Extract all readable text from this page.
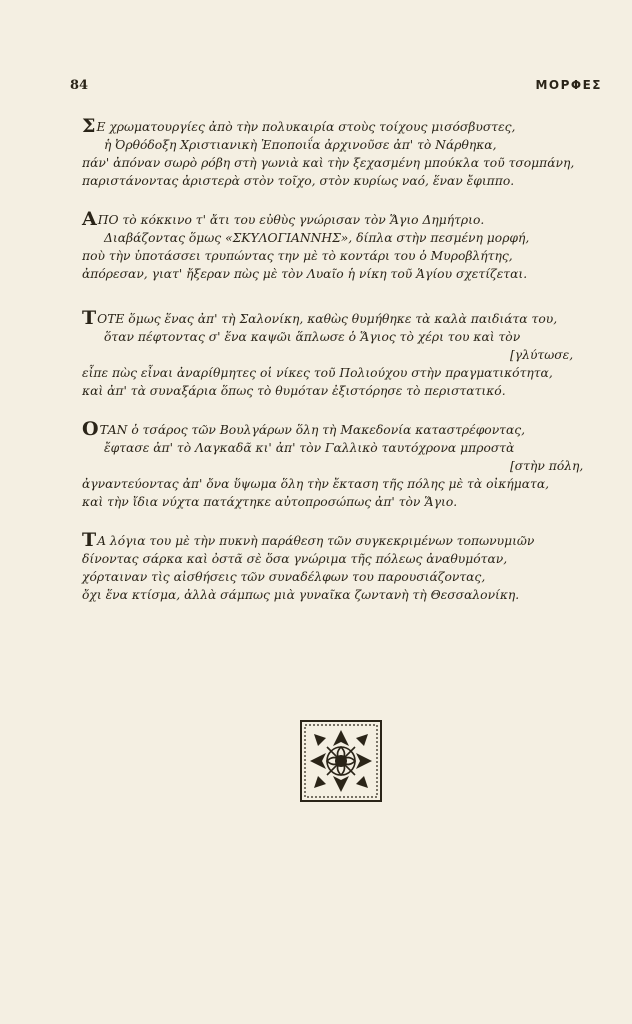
84	ΜΟΡΦΕΣ
ΣΕ χρωματουργίες ἀπὸ τὴν πολυκαιρία στοὺς τοίχους μισόσβυστες,
ἡ Ὀρθόδοξη Χριστιανικὴ Ἐποποιΐα ἀρχινοῦσε ἀπ' τὸ Νάρθηκα,
πάν' ἀπόναν σωρὸ ρόβη στὴ γωνιὰ καὶ τὴν ξεχασμένη μπούκλα τοῦ τσομπάνη,
παριστάνοντας ἀριστερὰ στὸν τοῖχο, στὸν κυρίως ναό, ἕναν ἔφιππο.
ΑΠΟ τὸ κόκκινο τ' ἄτι του εὐθὺς γνώρισαν τὸν Ἅγιο Δημήτριο.
Διαβάζοντας ὅμως «ΣΚΥΛΟΓΙΑΝΝΗΣ», δίπλα στὴν πεσμένη μορφή,
ποὺ τὴν ὑποτάσσει τρυπώντας την μὲ τὸ κοντάρι του ὁ Μυροβλήτης,
ἀπόρεσαν, γιατ' ἤξεραν πὼς μὲ τὸν Λυαῖο ἡ νίκη τοῦ Ἁγίου σχετίζεται.
ΤΟΤΕ ὅμως ἕνας ἀπ' τὴ Σαλονίκη, καθὼς θυμήθηκε τὰ καλὰ παιδιάτα του,
ὅταν πέφτοντας σ' ἕνα καψῶι ἅπλωσε ὁ Ἅγιος τὸ χέρι του καὶ τὸν
[γλύτωσε,
εἶπε πὼς εἶναι ἀναρίθμητες οἱ νίκες τοῦ Πολιούχου στὴν πραγματικότητα,
καὶ ἀπ' τὰ συναξάρια ὅπως τὸ θυμόταν ἐξιστόρησε τὸ περιστατικό.
ΟΤΑΝ ὁ τσάρος τῶν Βουλγάρων ὅλη τὴ Μακεδονία καταστρέφοντας,
ἔφτασε ἀπ' τὸ Λαγκαδᾶ κι' ἀπ' τὸν Γαλλικὸ ταυτόχρονα μπροστὰ
[στὴν πόλη,
ἀγναντεύοντας ἀπ' ὄνα ὕψωμα ὅλη τὴν ἔκταση τῆς πόλης μὲ τὰ οἰκήματα,
καὶ τὴν ἴδια νύχτα πατάχτηκε αὐτοπροσώπως ἀπ' τὸν Ἅγιο.
ΤΑ λόγια του μὲ τὴν πυκνὴ παράθεση τῶν συγκεκριμένων τοπωνυμιῶν
δίνοντας σάρκα καὶ ὀστᾶ σὲ ὅσα γνώριμα τῆς πόλεως ἀναθυμόταν,
χόρταιναν τὶς αἰσθήσεις τῶν συναδέλφων του παρουσιάζοντας,
ὄχι ἕνα κτίσμα, ἀλλὰ σάμπως μιὰ γυναῖκα ζωντανὴ τὴ Θεσσαλονίκη.
